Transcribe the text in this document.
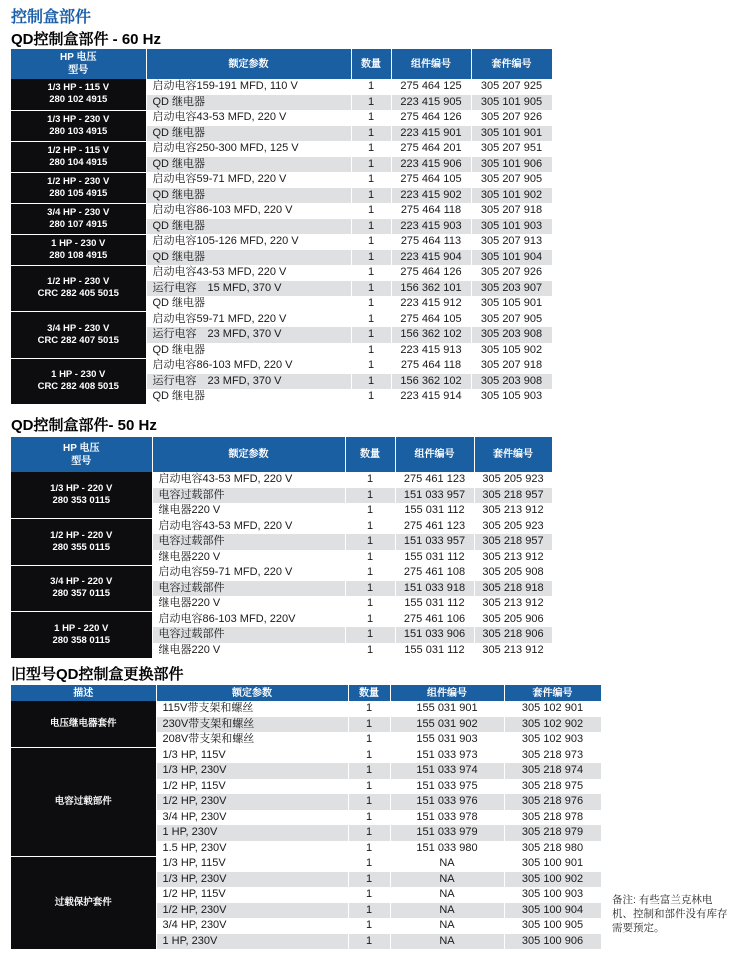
控制盒部件
QD控制盒部件 - 60 Hz
HP 电压
型号	额定参数	数量	组件编号	套件编号
1/3 HP - 115 V
280 102 4915	启动电容159-191 MFD, 110 V	1	275 464 125	305 207 925
	QD 继电器	1	223 415 905	305 101 905
1/3 HP - 230 V
280 103 4915	启动电容43-53 MFD, 220 V	1	275 464 126	305 207 926
	QD 继电器	1	223 415 901	305 101 901
1/2 HP - 115 V
280 104 4915	启动电容250-300 MFD, 125 V	1	275 464 201	305 207 951
	QD 继电器	1	223 415 906	305 101 906
1/2 HP - 230 V
280 105 4915	启动电容59-71 MFD, 220 V	1	275 464 105	305 207 905
	QD 继电器	1	223 415 902	305 101 902
3/4 HP - 230 V
280 107 4915	启动电容86-103 MFD, 220 V	1	275 464 118	305 207 918
	QD 继电器	1	223 415 903	305 101 903
1 HP - 230 V
280 108 4915	启动电容105-126 MFD, 220 V	1	275 464 113	305 207 913
	QD 继电器	1	223 415 904	305 101 904
1/2 HP - 230 V
CRC 282 405 5015	启动电容43-53 MFD, 220 V	1	275 464 126	305 207 926
	运行电容　15 MFD, 370 V	1	156 362 101	305 203 907
	QD 继电器	1	223 415 912	305 105 901
3/4 HP - 230 V
CRC 282 407 5015	启动电容59-71 MFD, 220 V	1	275 464 105	305 207 905
	运行电容　23 MFD, 370 V	1	156 362 102	305 203 908
	QD 继电器	1	223 415 913	305 105 902
1 HP - 230 V
CRC 282 408 5015	启动电容86-103 MFD, 220 V	1	275 464 118	305 207 918
	运行电容　23 MFD, 370 V	1	156 362 102	305 203 908
	QD 继电器	1	223 415 914	305 105 903
QD控制盒部件- 50 Hz
HP 电压
型号	额定参数	数量	组件编号	套件编号
1/3 HP - 220 V
280 353 0115	启动电容43-53 MFD, 220 V	1	275 461 123	305 205 923
	电容过载部件	1	151 033 957	305 218 957
	继电器220 V	1	155 031 112	305 213 912
1/2 HP - 220 V
280 355 0115	启动电容43-53 MFD, 220 V	1	275 461 123	305 205 923
	电容过载部件	1	151 033 957	305 218 957
	继电器220 V	1	155 031 112	305 213 912
3/4 HP - 220 V
280 357 0115	启动电容59-71 MFD, 220 V	1	275 461 108	305 205 908
	电容过载部件	1	151 033 918	305 218 918
	继电器220 V	1	155 031 112	305 213 912
1 HP - 220 V
280 358 0115	启动电容86-103 MFD, 220V	1	275 461 106	305 205 906
	电容过载部件	1	151 033 906	305 218 906
	继电器220 V	1	155 031 112	305 213 912
旧型号QD控制盒更换部件
描述	额定参数	数量	组件编号	套件编号
电压继电器套件	115V带支架和螺丝	1	155 031 901	305 102 901
	230V带支架和螺丝	1	155 031 902	305 102 902
	208V带支架和螺丝	1	155 031 903	305 102 903
电容过载部件	1/3 HP, 115V	1	151 033 973	305 218 973
	1/3 HP, 230V	1	151 033 974	305 218 974
	1/2 HP, 115V	1	151 033 975	305 218 975
	1/2 HP, 230V	1	151 033 976	305 218 976
	3/4 HP, 230V	1	151 033 978	305 218 978
	1 HP, 230V	1	151 033 979	305 218 979
	1.5 HP, 230V	1	151 033 980	305 218 980
过载保护套件	1/3 HP, 115V	1	NA	305 100 901
	1/3 HP, 230V	1	NA	305 100 902
	1/2 HP, 115V	1	NA	305 100 903
	1/2 HP, 230V	1	NA	305 100 904
	3/4 HP, 230V	1	NA	305 100 905
	1 HP, 230V	1	NA	305 100 906
备注: 有些富兰克林电机、控制和部件没有库存需要预定。
